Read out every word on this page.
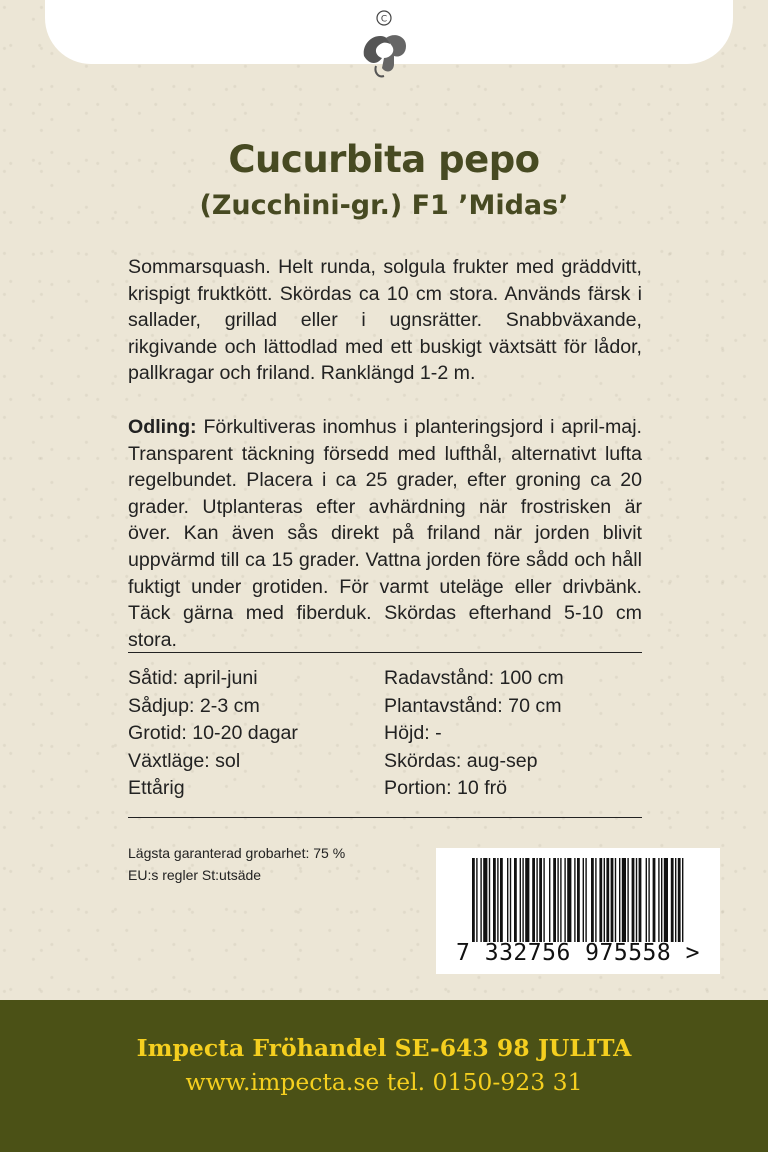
C
Cucurbita pepo
(Zucchini-gr.) F1 ’Midas’
Sommarsquash. Helt runda, solgula frukter med gräddvitt, krispigt fruktkött. Skördas ca 10 cm stora. Används färsk i sallader, grillad eller i ugnsrätter. Snabbväxande, rikgivande och lättodlad med ett buskigt växtsätt för lådor, pallkragar och friland. Ranklängd 1-2 m.
Odling: Förkultiveras inomhus i planteringsjord i april-maj. Transparent täckning försedd med lufthål, alternativt lufta regelbundet. Placera i ca 25 grader, efter groning ca 20 grader. Utplanteras efter avhärdning när frostrisken är över. Kan även sås direkt på friland när jorden blivit uppvärmd till ca 15 grader. Vattna jorden före sådd och håll fuktigt under grotiden. För varmt uteläge eller drivbänk. Täck gärna med fiberduk. Skördas efterhand 5-10 cm stora.
Såtid: april-juni
Sådjup: 2-3 cm
Grotid: 10-20 dagar
Växtläge: sol
Ettårig
Radavstånd: 100 cm
Plantavstånd: 70 cm
Höjd: -
Skördas: aug-sep
Portion: 10 frö
Lägsta garanterad grobarhet: 75 %
EU:s regler St:utsäde
7 332756 975558 >
Impecta Fröhandel SE-643 98 JULITA
www.impecta.se tel. 0150-923 31
